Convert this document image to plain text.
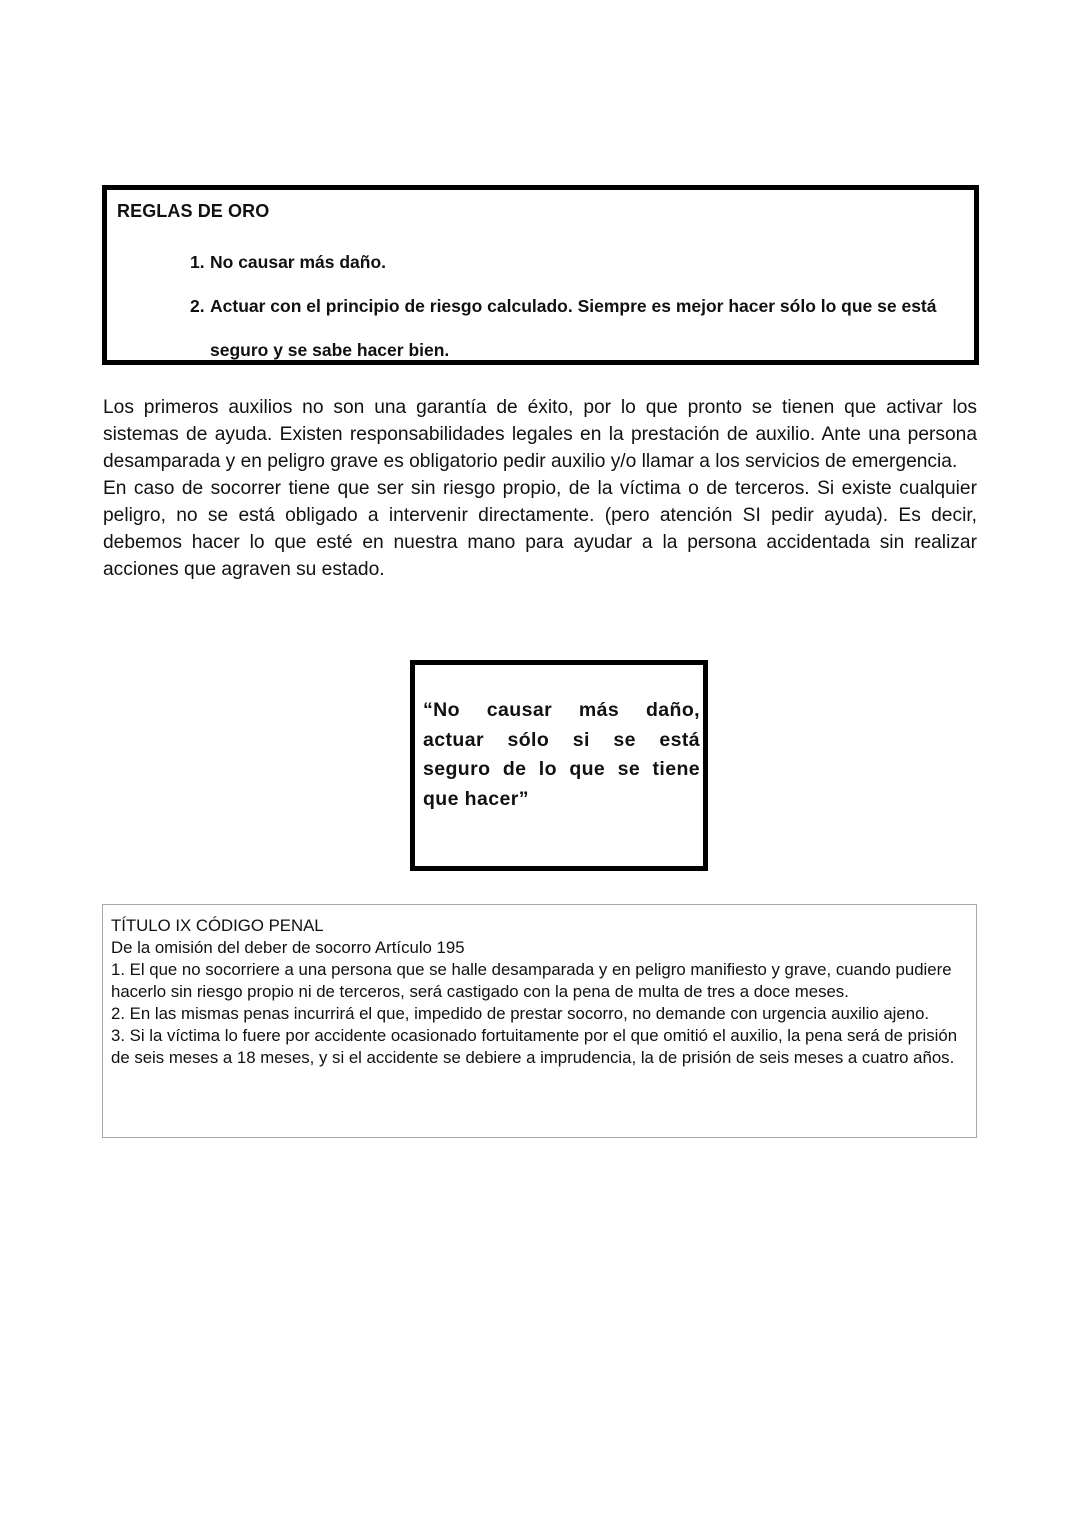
REGLAS DE ORO
1. No causar más daño.
2. Actuar con el principio de riesgo calculado. Siempre es mejor hacer sólo lo que se está seguro y se sabe hacer bien.

Los primeros auxilios no son una garantía de éxito, por lo que pronto se tienen que activar los sistemas de ayuda. Existen responsabilidades legales en la prestación de auxilio. Ante una persona desamparada y en peligro grave es obligatorio pedir auxilio y/o llamar a los servicios de emergencia.

En caso de socorrer tiene que ser sin riesgo propio, de la víctima o de terceros. Si existe cualquier peligro, no se está obligado a intervenir directamente. (pero atención SI pedir ayuda). Es decir, debemos hacer lo que esté en nuestra mano para ayudar a la persona accidentada sin realizar acciones que agraven su estado.

“No causar más daño, actuar sólo si se está seguro de lo que se tiene que hacer”
TÍTULO IX CÓDIGO PENAL
De la omisión del deber de socorro Artículo 195
1. El que no socorriere a una persona que se halle desamparada y en peligro manifiesto y grave, cuando pudiere hacerlo sin riesgo propio ni de terceros, será castigado con la pena de multa de tres a doce meses.
2. En las mismas penas incurrirá el que, impedido de prestar socorro, no demande con urgencia auxilio ajeno.
3. Si la víctima lo fuere por accidente ocasionado fortuitamente por el que omitió el auxilio, la pena será de prisión de seis meses a 18 meses, y si el accidente se debiere a imprudencia, la de prisión de seis meses a cuatro años.
